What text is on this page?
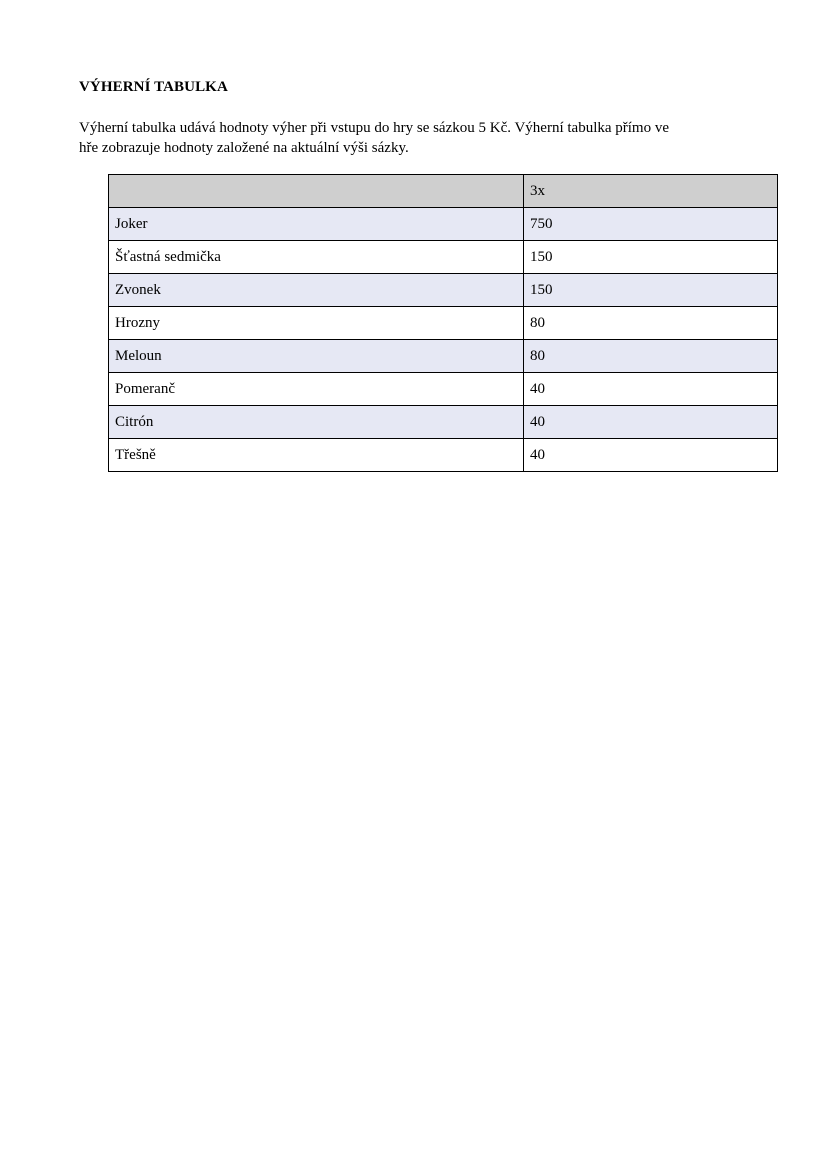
VÝHERNÍ TABULKA

Výherní tabulka udává hodnoty výher při vstupu do hry se sázkou 5 Kč. Výherní tabulka přímo ve
hře zobrazuje hodnoty založené na aktuální výši sázky.

	3x
Joker	750
Šťastná sedmička	150
Zvonek	150
Hrozny	80
Meloun	80
Pomeranč	40
Citrón	40
Třešně	40
